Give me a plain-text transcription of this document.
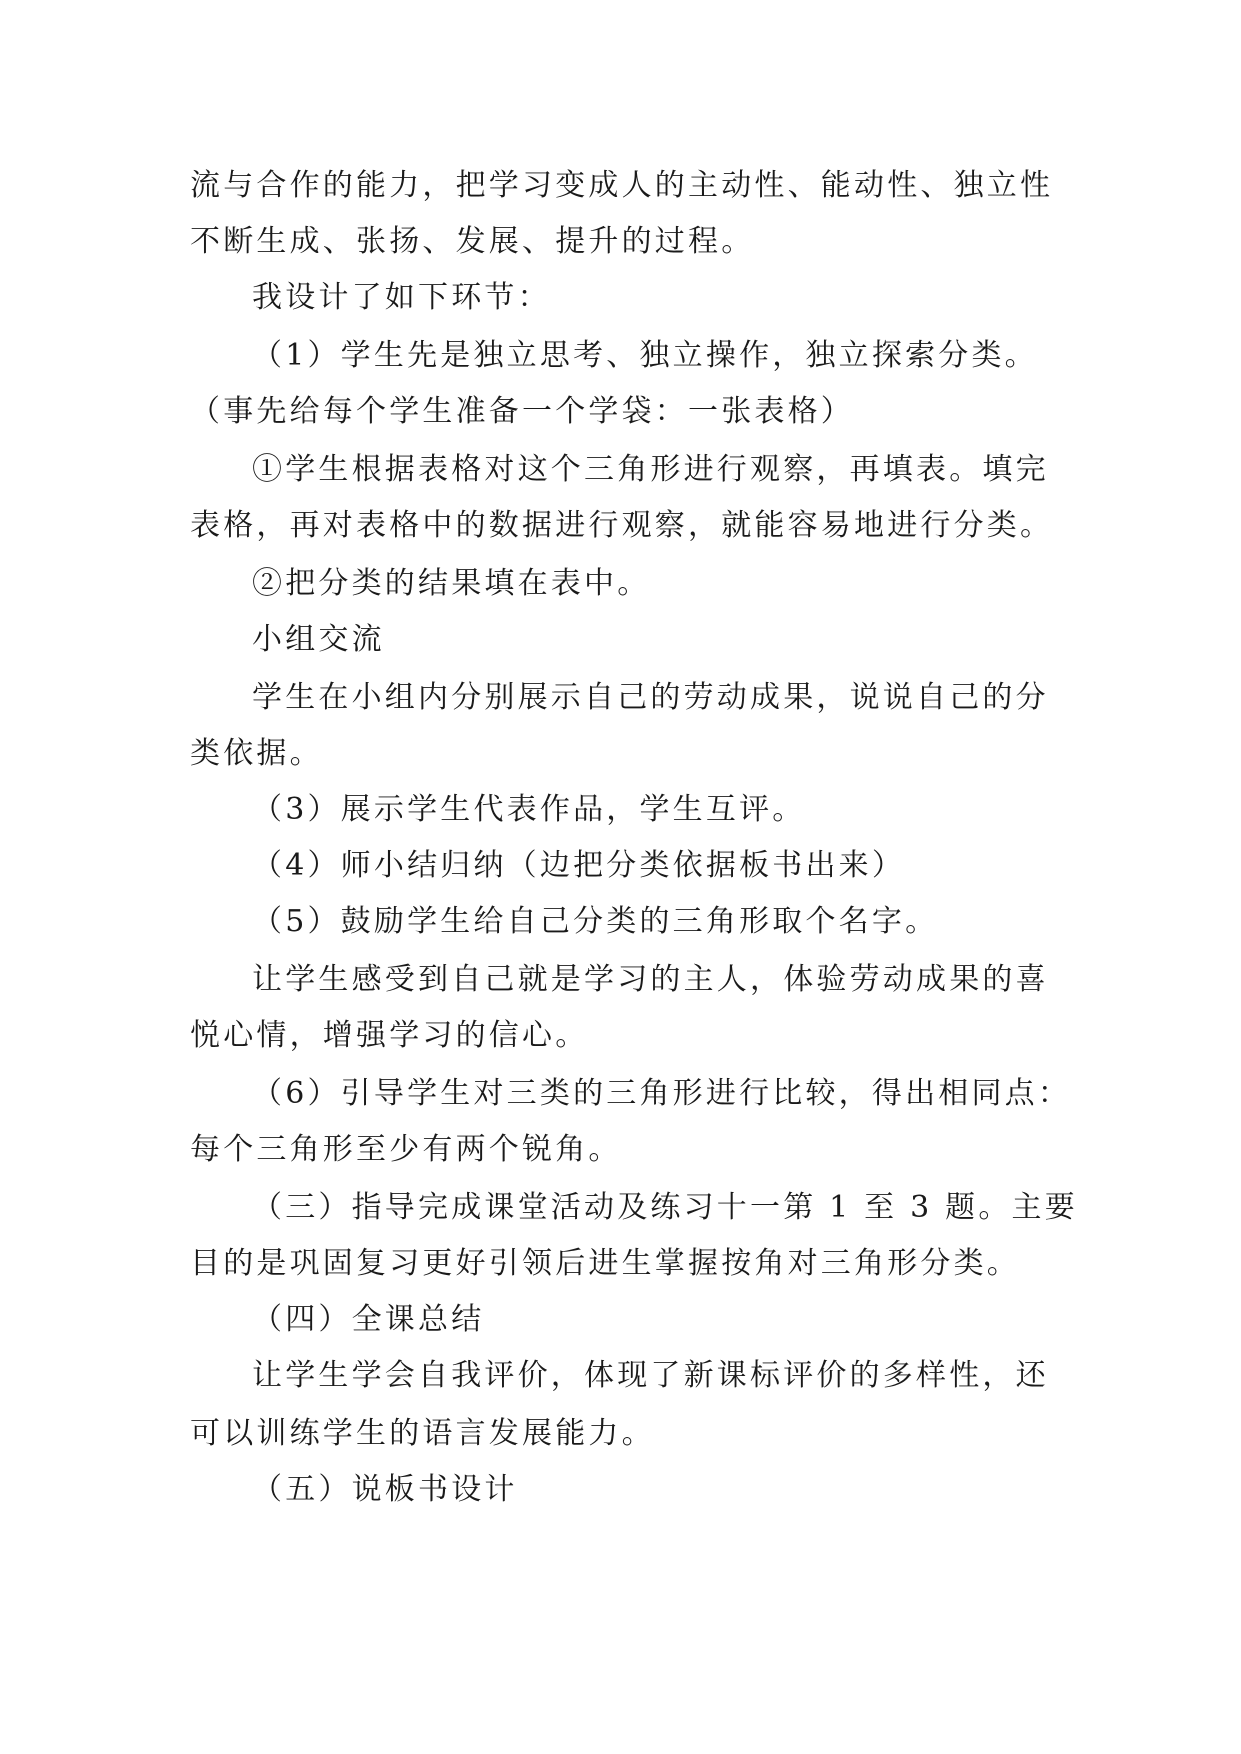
流与合作的能力，把学习变成人的主动性、能动性、独立性
不断生成、张扬、发展、提升的过程。
我设计了如下环节：
（1）学生先是独立思考、独立操作，独立探索分类。
（事先给每个学生准备一个学袋：一张表格）
①学生根据表格对这个三角形进行观察，再填表。填完
表格，再对表格中的数据进行观察，就能容易地进行分类。
②把分类的结果填在表中。
小组交流
学生在小组内分别展示自己的劳动成果，说说自己的分
类依据。
（3）展示学生代表作品，学生互评。
（4）师小结归纳（边把分类依据板书出来）
（5）鼓励学生给自己分类的三角形取个名字。
让学生感受到自己就是学习的主人，体验劳动成果的喜
悦心情，增强学习的信心。
（6）引导学生对三类的三角形进行比较，得出相同点：
每个三角形至少有两个锐角。
（三）指导完成课堂活动及练习十一第 1 至 3 题。主要
目的是巩固复习更好引领后进生掌握按角对三角形分类。
（四）全课总结
让学生学会自我评价，体现了新课标评价的多样性，还
可以训练学生的语言发展能力。
（五）说板书设计
